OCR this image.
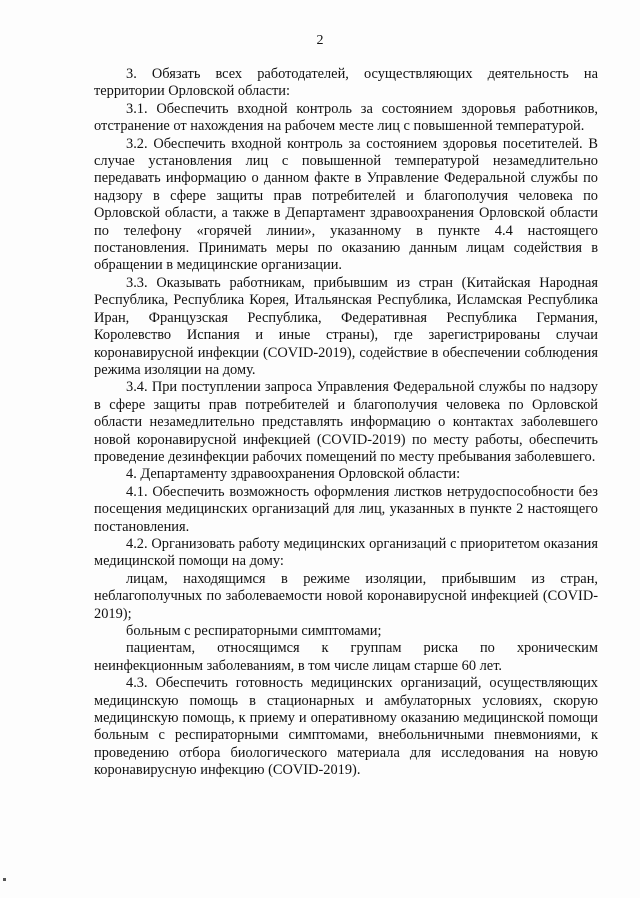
2

3. Обязать всех работодателей, осуществляющих деятельность на территории Орловской области:

3.1. Обеспечить входной контроль за состоянием здоровья работников, отстранение от нахождения на рабочем месте лиц с повышенной температурой.

3.2. Обеспечить входной контроль за состоянием здоровья посетителей. В случае установления лиц с повышенной температурой незамедлительно передавать информацию о данном факте в Управление Федеральной службы по надзору в сфере защиты прав потребителей и благополучия человека по Орловской области, а также в Департамент здравоохранения Орловской области по телефону «горячей линии», указанному в пункте 4.4 настоящего постановления. Принимать меры по оказанию данным лицам содействия в обращении в медицинские организации.

3.3. Оказывать работникам, прибывшим из стран (Китайская Народная Республика, Республика Корея, Итальянская Республика, Исламская Республика Иран, Французская Республика, Федеративная Республика Германия, Королевство Испания и иные страны), где зарегистрированы случаи коронавирусной инфекции (COVID-2019), содействие в обеспечении соблюдения режима изоляции на дому.

3.4. При поступлении запроса Управления Федеральной службы по надзору в сфере защиты прав потребителей и благополучия человека по Орловской области незамедлительно представлять информацию о контактах заболевшего новой коронавирусной инфекцией (COVID-2019) по месту работы, обеспечить проведение дезинфекции рабочих помещений по месту пребывания заболевшего.

4. Департаменту здравоохранения Орловской области:

4.1. Обеспечить возможность оформления листков нетрудоспособности без посещения медицинских организаций для лиц, указанных в пункте 2 настоящего постановления.

4.2. Организовать работу медицинских организаций с приоритетом оказания медицинской помощи на дому:

лицам, находящимся в режиме изоляции, прибывшим из стран, неблагополучных по заболеваемости новой коронавирусной инфекцией (COVID-2019);

больным с респираторными симптомами;

пациентам, относящимся к группам риска по хроническим неинфекционным заболеваниям, в том числе лицам старше 60 лет.

4.3. Обеспечить готовность медицинских организаций, осуществляющих медицинскую помощь в стационарных и амбулаторных условиях, скорую медицинскую помощь, к приему и оперативному оказанию медицинской помощи больным с респираторными симптомами, внебольничными пневмониями, к проведению отбора биологического материала для исследования на новую коронавирусную инфекцию (COVID-2019).
